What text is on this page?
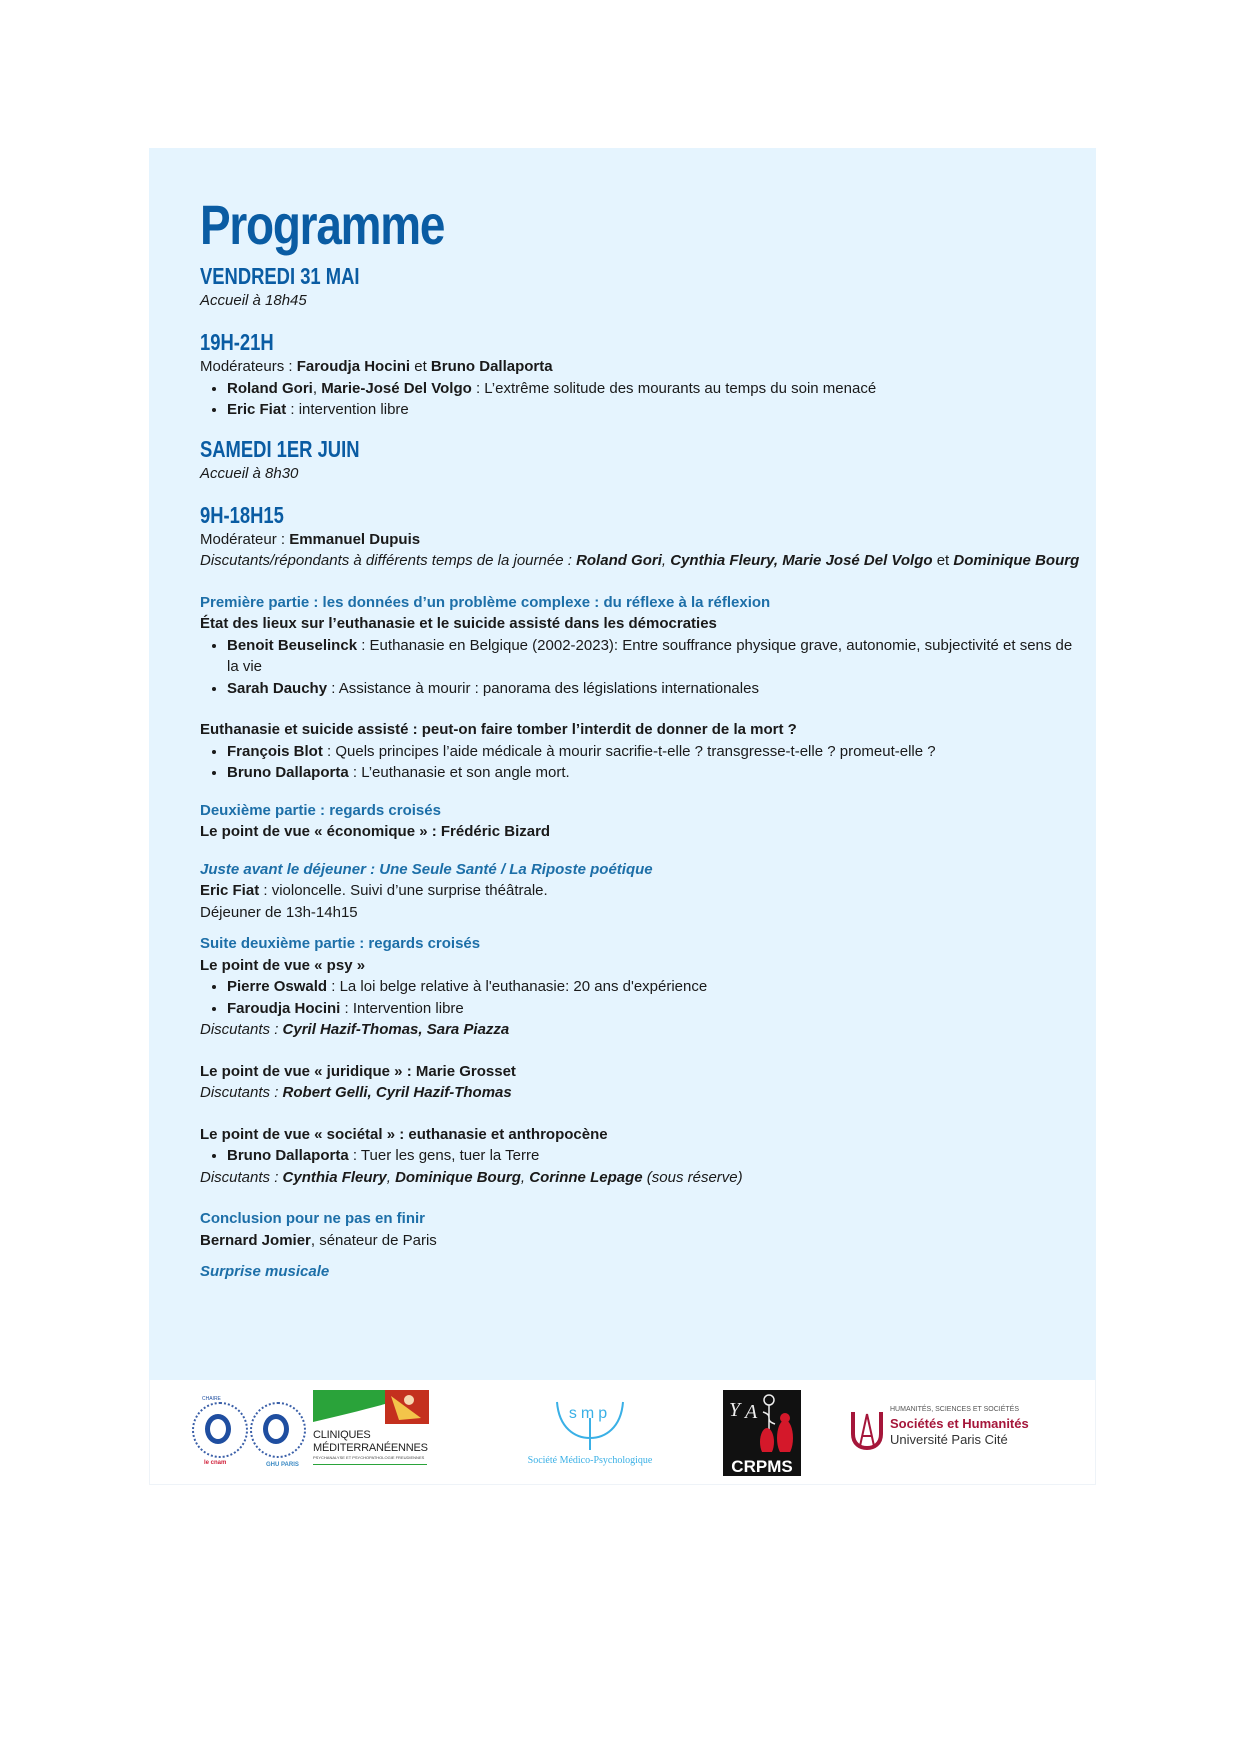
Programme
VENDREDI 31 MAI
Accueil à 18h45
19H-21H
Modérateurs : Faroudja Hocini et Bruno Dallaporta
• Roland Gori, Marie-José Del Volgo : L’extrême solitude des mourants au temps du soin menacé
• Eric Fiat : intervention libre
SAMEDI 1ER JUIN
Accueil à 8h30
9H-18H15
Modérateur : Emmanuel Dupuis
Discutants/répondants à différents temps de la journée : Roland Gori, Cynthia Fleury, Marie José Del Volgo et Dominique Bourg
Première partie : les données d’un problème complexe : du réflexe à la réflexion
État des lieux sur l’euthanasie et le suicide assisté dans les démocraties
• Benoit Beuselinck : Euthanasie en Belgique (2002-2023): Entre souffrance physique grave, autonomie, subjectivité et sens de la vie
• Sarah Dauchy : Assistance à mourir : panorama des législations internationales
Euthanasie et suicide assisté : peut-on faire tomber l’interdit de donner de la mort ?
• François Blot : Quels principes l’aide médicale à mourir sacrifie-t-elle ? transgresse-t-elle ? promeut-elle ?
• Bruno Dallaporta : L’euthanasie et son angle mort.
Deuxième partie : regards croisés
Le point de vue « économique » : Frédéric Bizard
Juste avant le déjeuner : Une Seule Santé / La Riposte poétique
Eric Fiat : violoncelle. Suivi d’une surprise théâtrale.
Déjeuner de 13h-14h15
Suite deuxième partie : regards croisés
Le point de vue « psy »
• Pierre Oswald : La loi belge relative à l'euthanasie: 20 ans d'expérience
• Faroudja Hocini : Intervention libre
Discutants : Cyril Hazif-Thomas, Sara Piazza
Le point de vue « juridique » : Marie Grosset
Discutants : Robert Gelli, Cyril Hazif-Thomas
Le point de vue « sociétal » : euthanasie et anthropocène
• Bruno Dallaporta : Tuer les gens, tuer la Terre
Discutants : Cynthia Fleury, Dominique Bourg, Corinne Lepage (sous réserve)
Conclusion pour ne pas en finir
Bernard Jomier, sénateur de Paris
Surprise musicale
CHAIRE
le cnam	GHU PARIS
CLINIQUES
MÉDITERRANÉENNES
PSYCHANALYSE ET PSYCHOPATHOLOGIE FREUDIENNES
smp
Société Médico-Psychologique
Y A
CRPMS
HUMANITÉS, SCIENCES ET SOCIÉTÉS
Sociétés et Humanités
Université Paris Cité
